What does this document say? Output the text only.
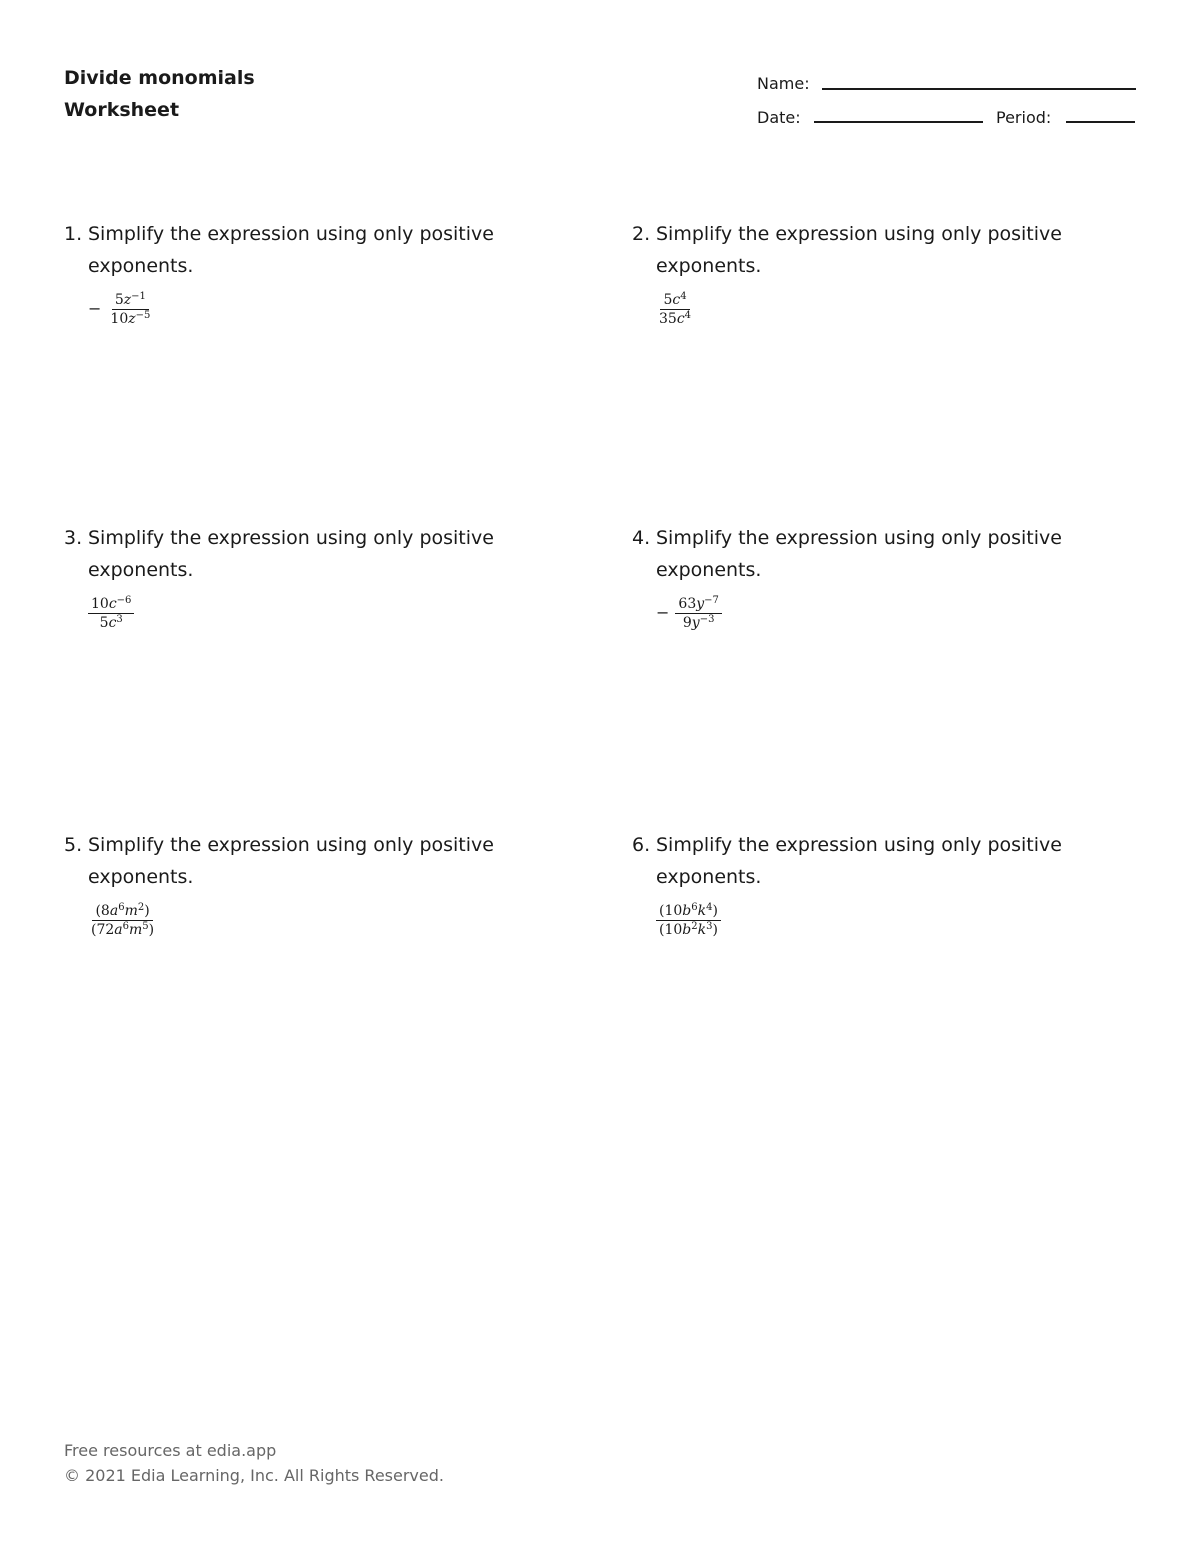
Divide monomials
Worksheet
Name:
Date:	Period:
1. Simplify the expression using only positive exponents.
− $\frac{5z^{-1}}{10z^{-5}}$
2. Simplify the expression using only positive exponents.
$\frac{5c^4}{35c^4}$
3. Simplify the expression using only positive exponents.
$\frac{10c^{-6}}{5c^3}$
4. Simplify the expression using only positive exponents.
− $\frac{63y^{-7}}{9y^{-3}}$
5. Simplify the expression using only positive exponents.
$\frac{(8a^6m^2)}{(72a^6m^5)}$
6. Simplify the expression using only positive exponents.
$\frac{(10b^6k^4)}{(10b^2k^3)}$
Free resources at edia.app
© 2021 Edia Learning, Inc. All Rights Reserved.
